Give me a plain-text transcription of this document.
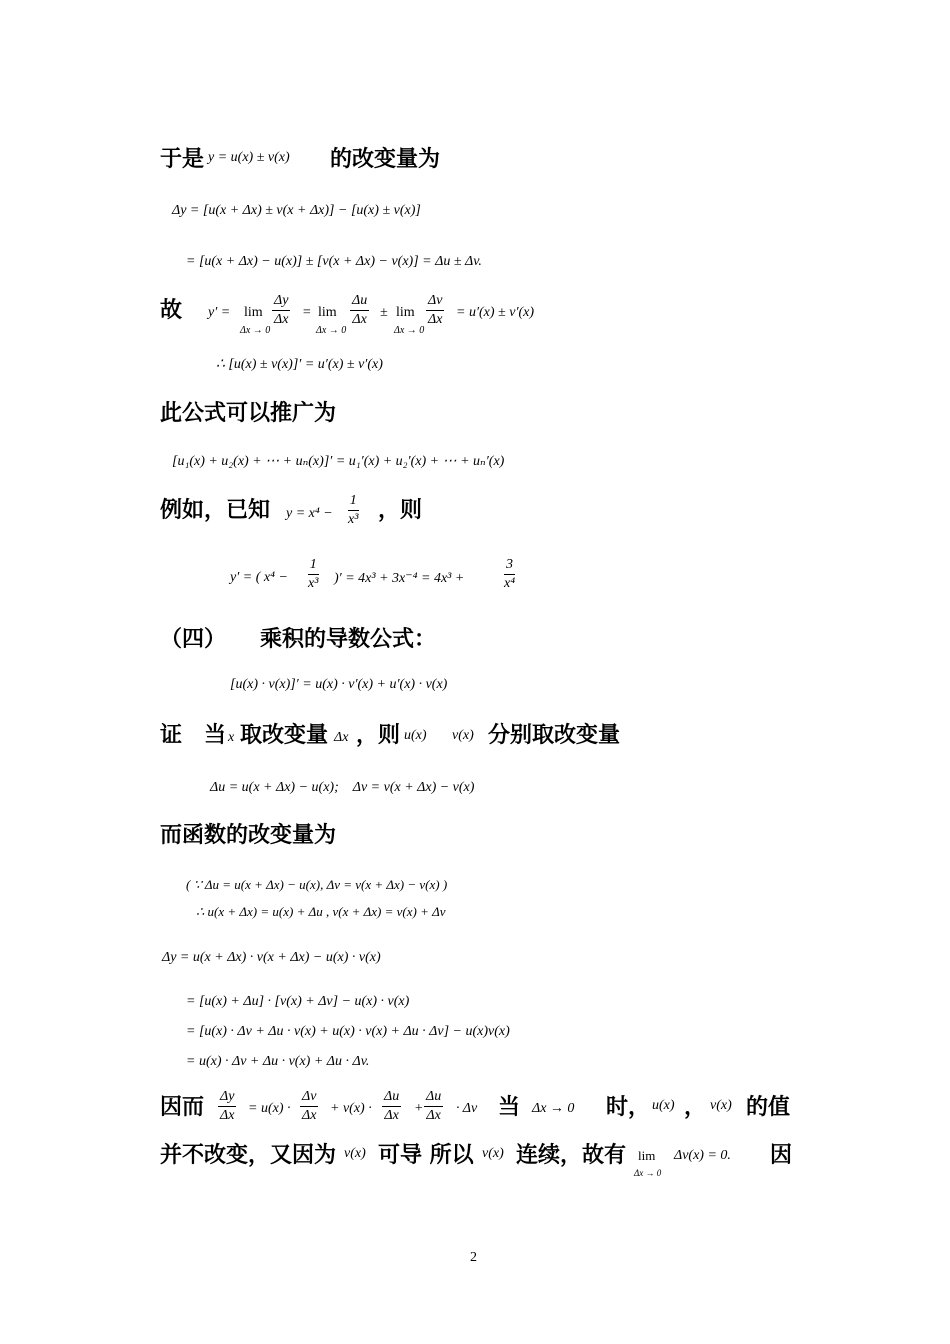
于是 y = u(x) ± v(x) 的改变量为
Δy = [u(x + Δx) ± v(x + Δx)] − [u(x) ± v(x)]
= [u(x + Δx) − u(x)] ± [v(x + Δx) − v(x)] = Δu ± Δv.
故 y′ = lim
Δx → 0
$\frac{\Delta y}{\Delta x} = \lim$
Δx → 0
$\frac{\Delta u}{\Delta x} \pm \lim$
Δx → 0
$\frac{\Delta v}{\Delta x} = u'(x) \pm v'(x)$
∴ [u(x) ± v(x)]′ = u′(x) ± v′(x)
此公式可以推广为
[u₁(x) + u₂(x) + ⋯ + uₙ(x)]′ = u₁′(x) + u₂′(x) + ⋯ + uₙ′(x)
例如，已知 $y = x^4 - \frac{1}{\text{x³}}$ ，则
y′ = ( $x^4 - \frac{1}{\text{x³}}$ )′ = 4x³ + 3x⁻⁴ = 4x³ +	$\frac{3}{\text{x⁴}}$
（四） 乘积的导数公式：
[u(x) · v(x)]′ = u(x) · v′(x) + u′(x) · v(x)
证　当 x 取改变量 Δx ，则 u(x) v(x) 分别取改变量
Δu = u(x + Δx) − u(x);　Δv = v(x + Δx) − v(x)
而函数的改变量为
( ∵ Δu = u(x + Δx) − u(x), Δv = v(x + Δx) − v(x) )
∴ u(x + Δx) = u(x) + Δu , v(x + Δx) = v(x) + Δv
Δy = u(x + Δx) · v(x + Δx) − u(x) · v(x)
= [u(x) + Δu] · [v(x) + Δv] − u(x) · v(x)
= [u(x) · Δv + Δu · v(x) + u(x) · v(x) + Δu · Δv] − u(x)v(x)
= u(x) · Δv + Δu · v(x) + Δu · Δv.
因而 $\frac{\Delta y}{\Delta x} = u(x) \cdot \frac{\Delta v}{\Delta x} + v(x) \cdot \frac{\Delta u}{\Delta x} + \frac{\Delta u}{\Delta x} \cdot \Delta v$ 当 Δx → 0 时， u(x) ， v(x) 的值
并不改变，又因为 v(x) 可导 所以 v(x) 连续，故有 lim
Δx → 0
Δv(x) = 0. 因
2
